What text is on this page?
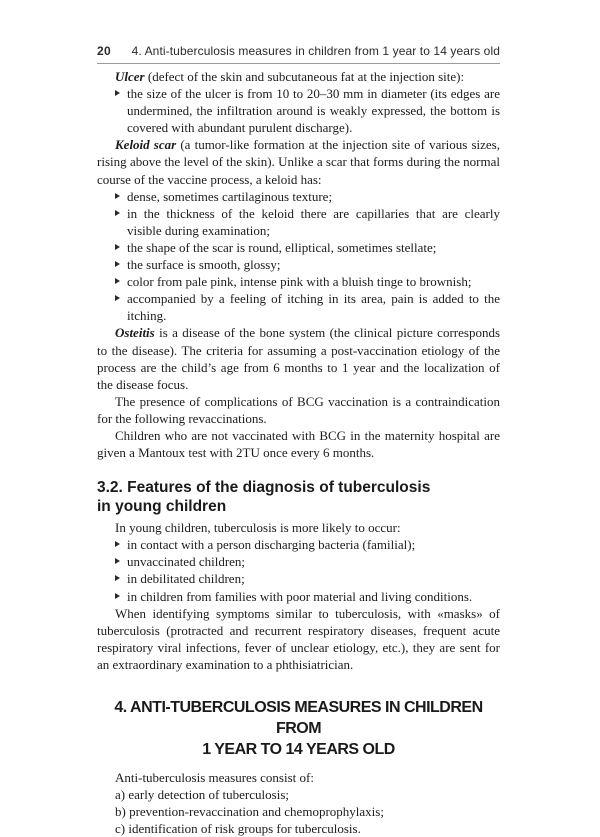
20 4. Anti-tuberculosis measures in children from 1 year to 14 years old

Ulcer (defect of the skin and subcutaneous fat at the injection site):

the size of the ulcer is from 10 to 20–30 mm in diameter (its edges are undermined, the infiltration around is weakly expressed, the bottom is covered with abundant purulent discharge).

Keloid scar (a tumor-like formation at the injection site of various sizes, rising above the level of the skin). Unlike a scar that forms during the normal course of the vaccine process, a keloid has:

dense, sometimes cartilaginous texture;
in the thickness of the keloid there are capillaries that are clearly visible during examination;
the shape of the scar is round, elliptical, sometimes stellate;
the surface is smooth, glossy;
color from pale pink, intense pink with a bluish tinge to brownish;
accompanied by a feeling of itching in its area, pain is added to the itching.

Osteitis is a disease of the bone system (the clinical picture corresponds to the disease). The criteria for assuming a post-vaccination etiology of the process are the child’s age from 6 months to 1 year and the localization of the disease focus.

The presence of complications of BCG vaccination is a contraindication for the following revaccinations.

Children who are not vaccinated with BCG in the maternity hospital are given a Mantoux test with 2TU once every 6 months.

3.2. Features of the diagnosis of tuberculosis
in young children

In young children, tuberculosis is more likely to occur:

in contact with a person discharging bacteria (familial);
unvaccinated children;
in debilitated children;
in children from families with poor material and living conditions.

When identifying symptoms similar to tuberculosis, with «masks» of tuberculosis (protracted and recurrent respiratory diseases, frequent acute respiratory viral infections, fever of unclear etiology, etc.), they are sent for an extraordinary examination to a phthisiatrician.

4. ANTI-TUBERCULOSIS MEASURES IN CHILDREN FROM
1 YEAR TO 14 YEARS OLD

Anti-tuberculosis measures consist of:

a) early detection of tuberculosis;
b) prevention-revaccination and chemoprophylaxis;
c) identification of risk groups for tuberculosis.
